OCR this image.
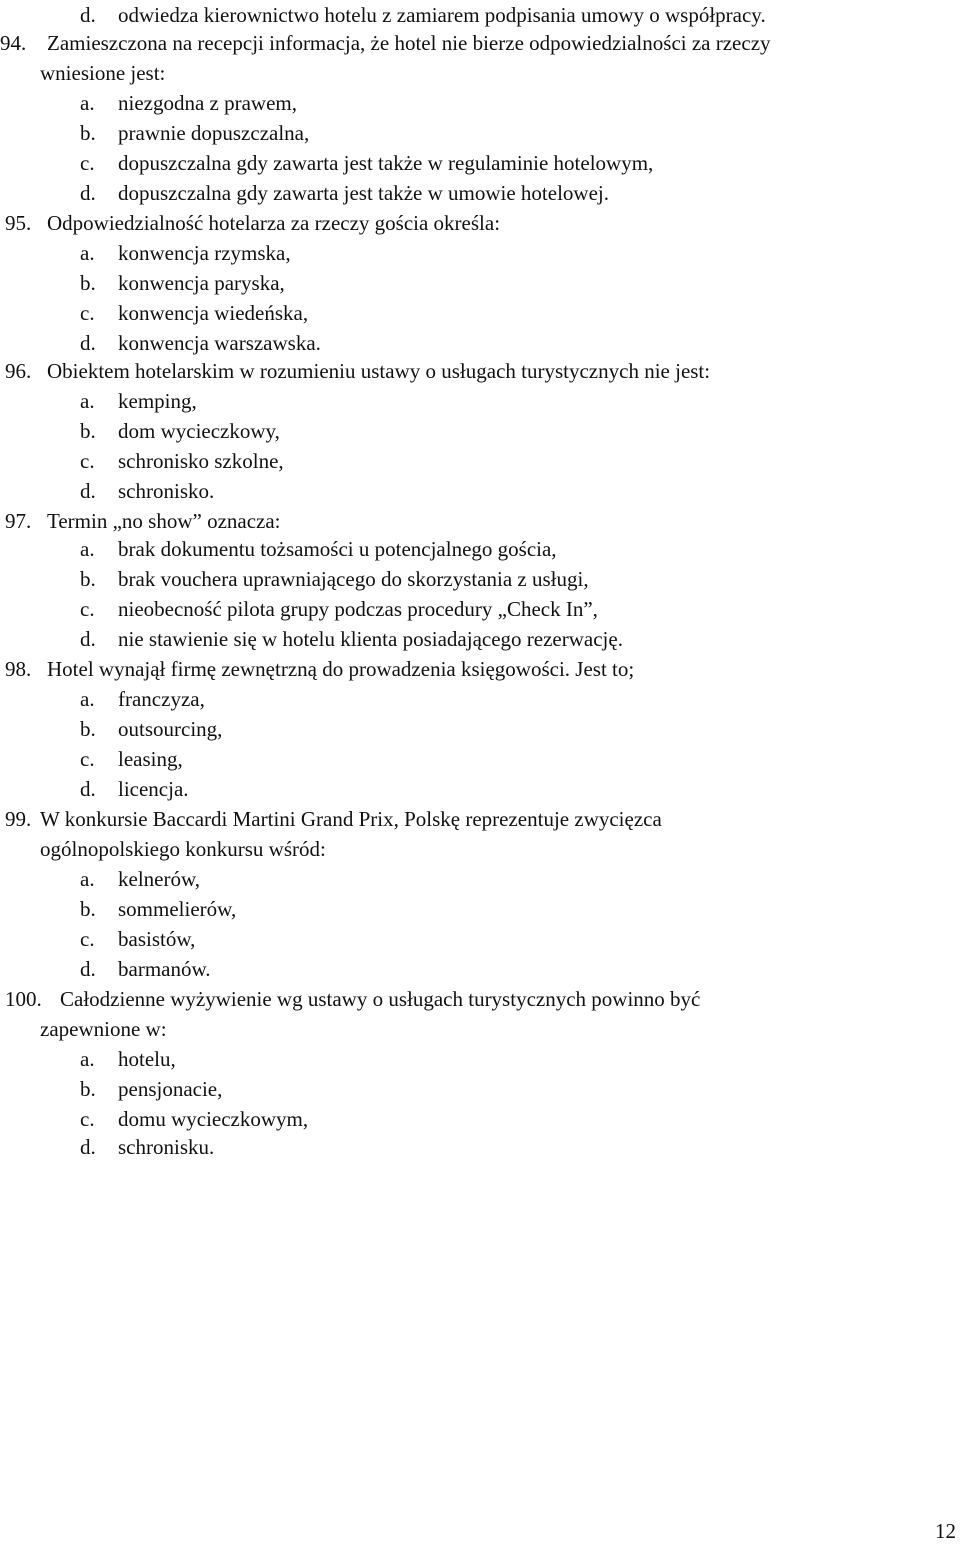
d. odwiedza kierownictwo hotelu z zamiarem podpisania umowy o współpracy.
94. Zamieszczona na recepcji informacja, że hotel nie bierze odpowiedzialności za rzeczy
wniesione jest:
a. niezgodna z prawem,
b. prawnie dopuszczalna,
c. dopuszczalna gdy zawarta jest także w regulaminie hotelowym,
d. dopuszczalna gdy zawarta jest także w umowie hotelowej.
95. Odpowiedzialność hotelarza za rzeczy gościa określa:
a. konwencja rzymska,
b. konwencja paryska,
c. konwencja wiedeńska,
d. konwencja warszawska.
96. Obiektem hotelarskim w rozumieniu ustawy o usługach turystycznych nie jest:
a. kemping,
b. dom wycieczkowy,
c. schronisko szkolne,
d. schronisko.
97. Termin „no show” oznacza:
a. brak dokumentu tożsamości u potencjalnego gościa,
b. brak vouchera uprawniającego do skorzystania z usługi,
c. nieobecność pilota grupy podczas procedury „Check In”,
d. nie stawienie się w hotelu klienta posiadającego rezerwację.
98. Hotel wynajął firmę zewnętrzną do prowadzenia księgowości. Jest to;
a. franczyza,
b. outsourcing,
c. leasing,
d. licencja.
99. W konkursie Baccardi Martini Grand Prix, Polskę reprezentuje zwycięzca
ogólnopolskiego konkursu wśród:
a. kelnerów,
b. sommelierów,
c. basistów,
d. barmanów.
100. Całodzienne wyżywienie wg ustawy o usługach turystycznych powinno być
zapewnione w:
a. hotelu,
b. pensjonacie,
c. domu wycieczkowym,
d. schronisku.
12
